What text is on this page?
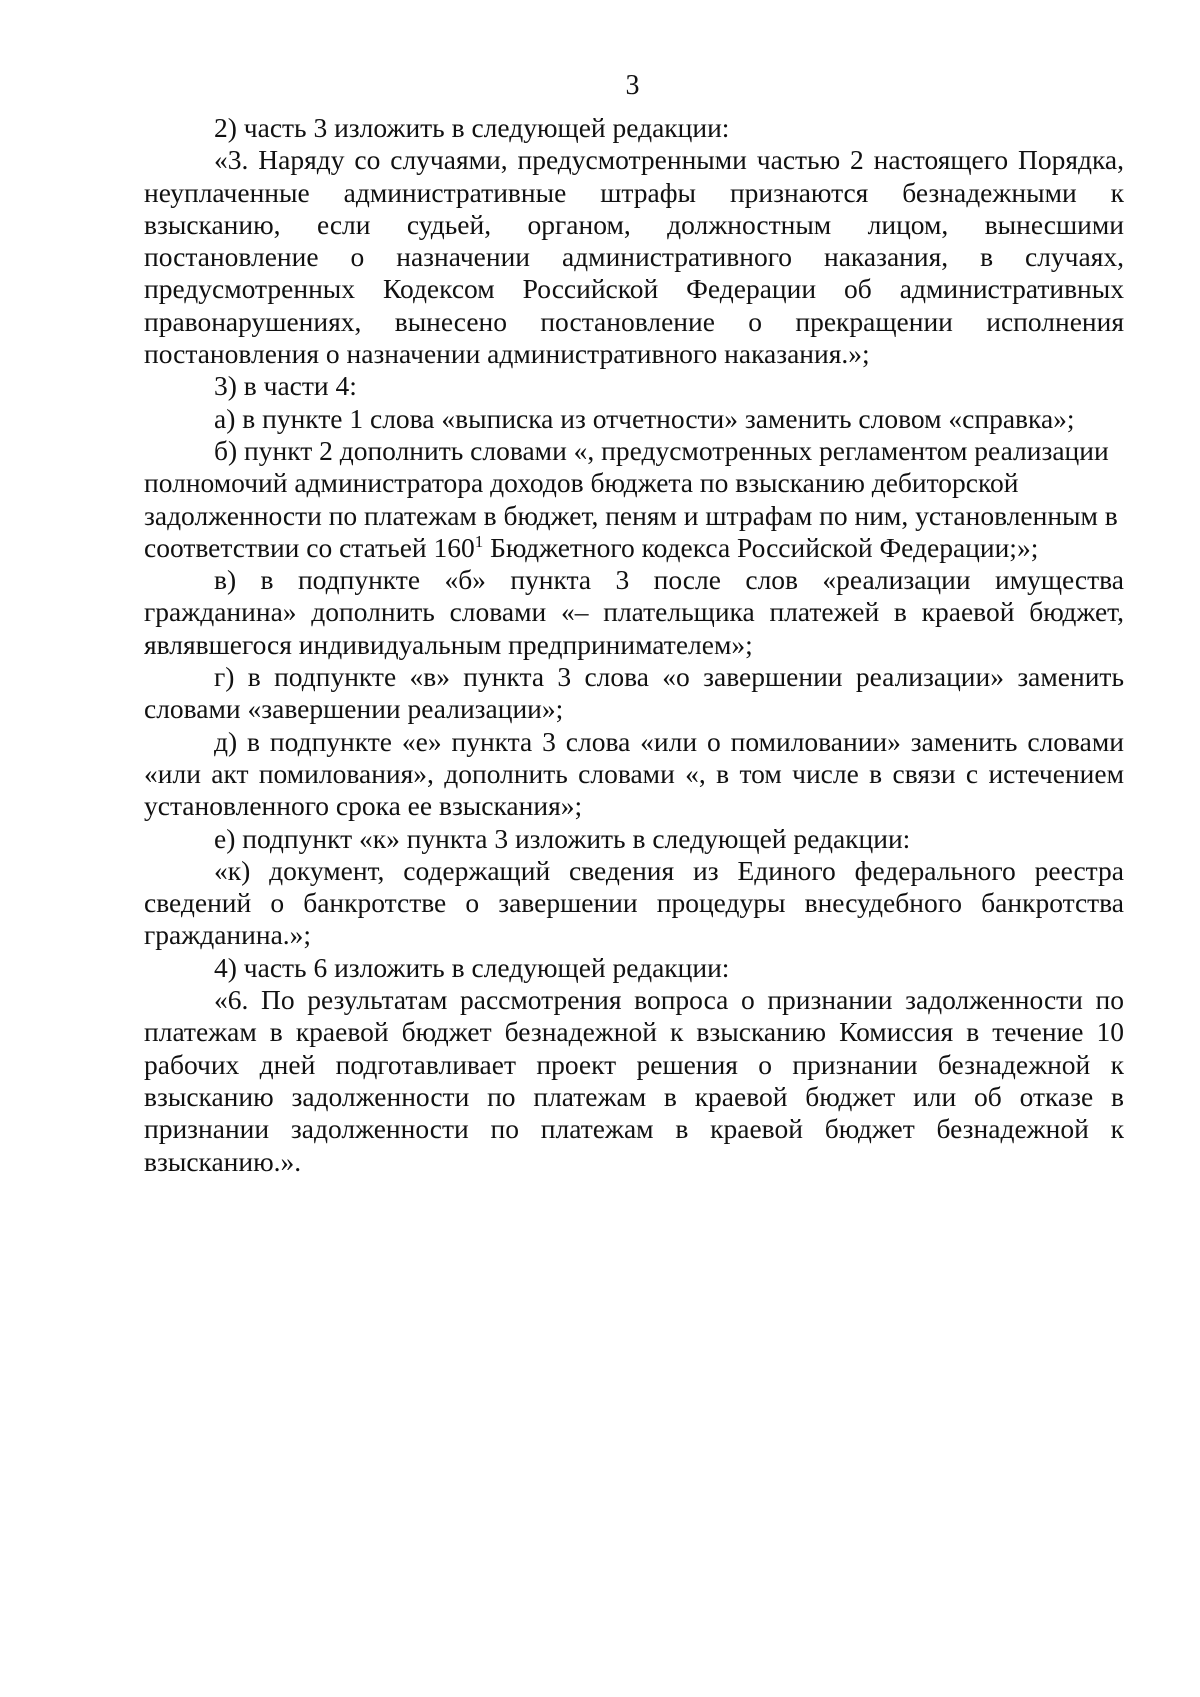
3

2) часть 3 изложить в следующей редакции:

«3. Наряду со случаями, предусмотренными частью 2 настоящего Порядка, неуплаченные административные штрафы признаются безнадежными к взысканию, если судьей, органом, должностным лицом, вынесшими постановление о назначении административного наказания, в случаях, предусмотренных Кодексом Российской Федерации об административных правонарушениях, вынесено постановление о прекращении исполнения постановления о назначении административного наказания.»;

3) в части 4:

а) в пункте 1 слова «выписка из отчетности» заменить словом «справка»;

б) пункт 2 дополнить словами «, предусмотренных регламентом реализации полномочий администратора доходов бюджета по взысканию дебиторской задолженности по платежам в бюджет, пеням и штрафам по ним, установленным в соответствии со статьей $160^1$ Бюджетного кодекса Российской Федерации;»;

в) в подпункте «б» пункта 3 после слов «реализации имущества гражданина» дополнить словами «– плательщика платежей в краевой бюджет, являвшегося индивидуальным предпринимателем»;

г) в подпункте «в» пункта 3 слова «о завершении реализации» заменить словами «завершении реализации»;

д) в подпункте «е» пункта 3 слова «или о помиловании» заменить словами «или акт помилования», дополнить словами «, в том числе в связи с истечением установленного срока ее взыскания»;

е) подпункт «к» пункта 3 изложить в следующей редакции:

«к) документ, содержащий сведения из Единого федерального реестра сведений о банкротстве о завершении процедуры внесудебного банкротства гражданина.»;

4) часть 6 изложить в следующей редакции:

«6. По результатам рассмотрения вопроса о признании задолженности по платежам в краевой бюджет безнадежной к взысканию Комиссия в течение 10 рабочих дней подготавливает проект решения о признании безнадежной к взысканию задолженности по платежам в краевой бюджет или об отказе в признании задолженности по платежам в краевой бюджет безнадежной к взысканию.».
